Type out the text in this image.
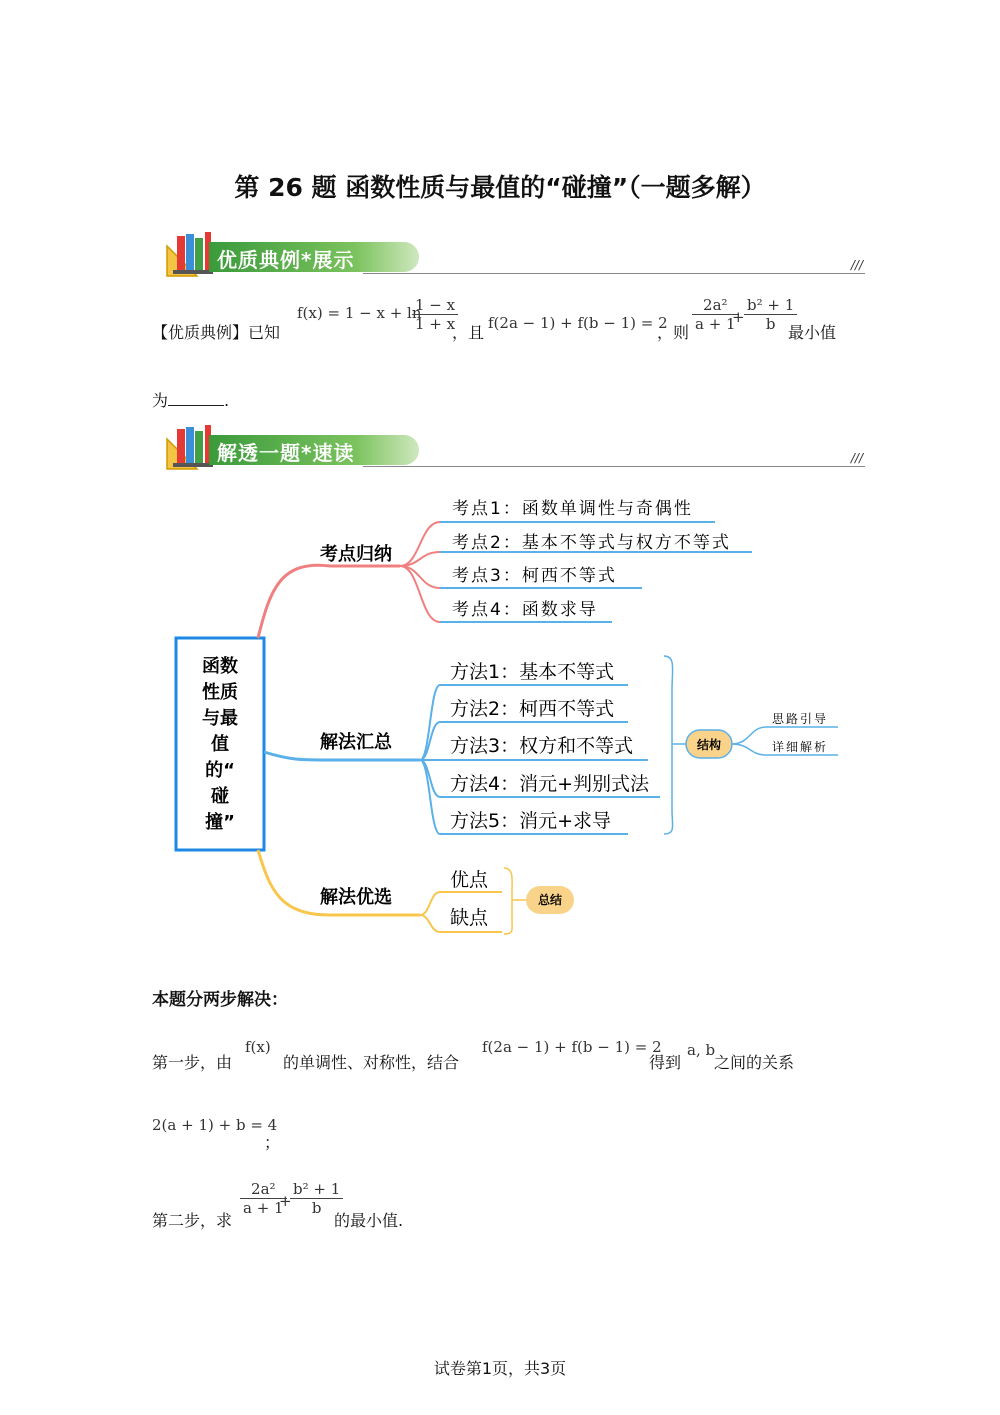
第 26 题 函数性质与最值的“碰撞”（一题多解）
优质典例*展示	///
【优质典例】已知
f(x) = 1 − x + ln
$\frac{1 - x}{1 + x}$
，且 f(2a − 1) + f(b − 1) = 2
，则 $\frac{\text{2a²}}{a + 1}$
+ $\frac{\text{b² + 1}}{b}$
最小值
为	.
解透一题*速读	///
函数
性质
与最
值
的“
碰
撞”
考点归纳
解法汇总
解法优选
考点1：函数单调性与奇偶性
考点2：基本不等式与权方不等式
考点3：柯西不等式
考点4：函数求导
方法1：基本不等式
方法2：柯西不等式
方法3：权方和不等式
方法4：消元+判别式法
方法5：消元+求导
结构
思路引导
详细解析
优点
缺点
总结
本题分两步解决：
第一步，由
f(x)
的单调性、对称性，结合
f(2a − 1) + f(b − 1) = 2
得到
a, b
之间的关系
2(a + 1) + b = 4
；
第二步，求
$\frac{\text{2a²}}{a + 1}$
+
$\frac{\text{b² + 1}}{b}$
的最小值.
试卷第1页，共3页
